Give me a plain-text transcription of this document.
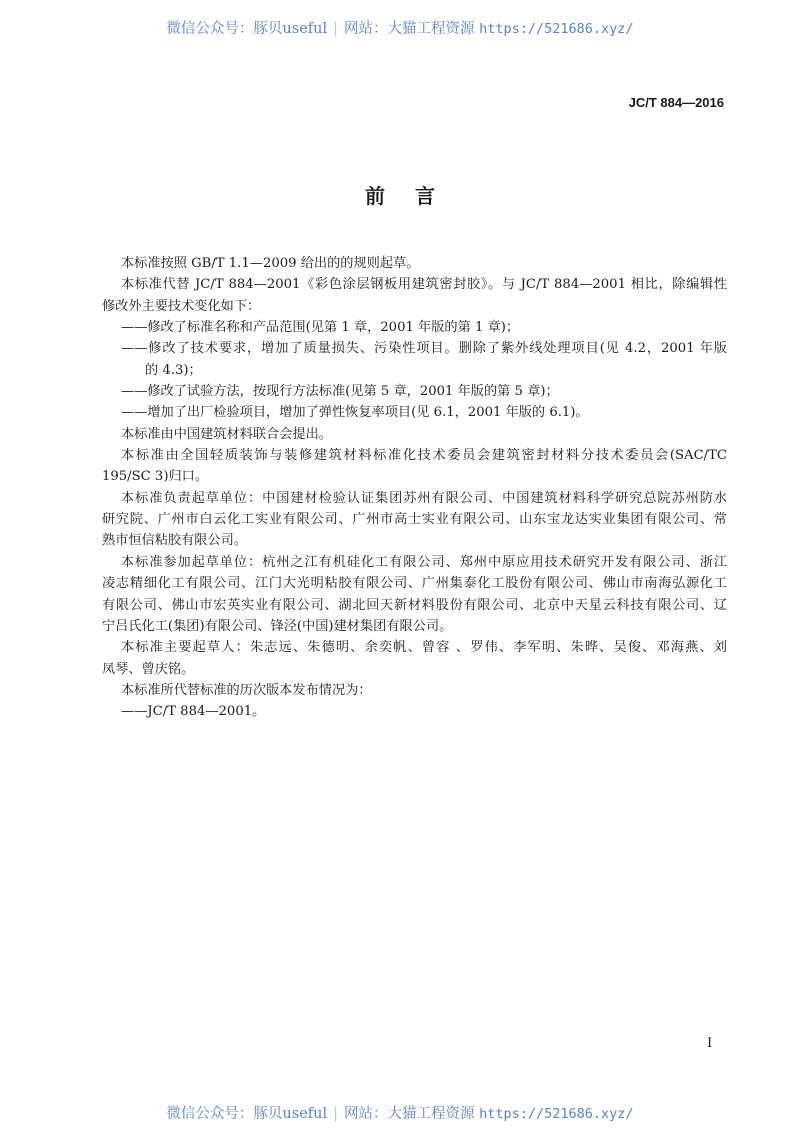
微信公众号：豚贝useful | 网站：大猫工程资源 https://521686.xyz/
JC/T 884—2016
前言
本标准按照 GB/T 1.1—2009 给出的的规则起草。
本标准代替 JC/T 884—2001《彩色涂层钢板用建筑密封胶》。与 JC/T 884—2001 相比，除编辑性
修改外主要技术变化如下：
——修改了标准名称和产品范围(见第 1 章，2001 年版的第 1 章)；
——修改了技术要求，增加了质量损失、污染性项目。删除了紫外线处理项目(见 4.2，2001 年版
的 4.3)；
——修改了试验方法，按现行方法标准(见第 5 章，2001 年版的第 5 章)；
——增加了出厂检验项目，增加了弹性恢复率项目(见 6.1，2001 年版的 6.1)。
本标准由中国建筑材料联合会提出。
本标准由全国轻质装饰与装修建筑材料标准化技术委员会建筑密封材料分技术委员会(SAC/TC
195/SC 3)归口。
本标准负责起草单位：中国建材检验认证集团苏州有限公司、中国建筑材料科学研究总院苏州防水
研究院、广州市白云化工实业有限公司、广州市高士实业有限公司、山东宝龙达实业集团有限公司、常
熟市恒信粘胶有限公司。
本标准参加起草单位：杭州之江有机硅化工有限公司、郑州中原应用技术研究开发有限公司、浙江
凌志精细化工有限公司、江门大光明粘胶有限公司、广州集泰化工股份有限公司、佛山市南海弘源化工
有限公司、佛山市宏英实业有限公司、湖北回天新材料股份有限公司、北京中天星云科技有限公司、辽
宁吕氏化工(集团)有限公司、锋泾(中国)建材集团有限公司。
本标准主要起草人：朱志远、朱德明、余奕帆、曾容 、罗伟、李军明、朱晔、吴俊、邓海燕、刘
凤琴、曾庆铭。
本标准所代替标准的历次版本发布情况为：
——JC/T 884—2001。
I
微信公众号：豚贝useful | 网站：大猫工程资源 https://521686.xyz/
